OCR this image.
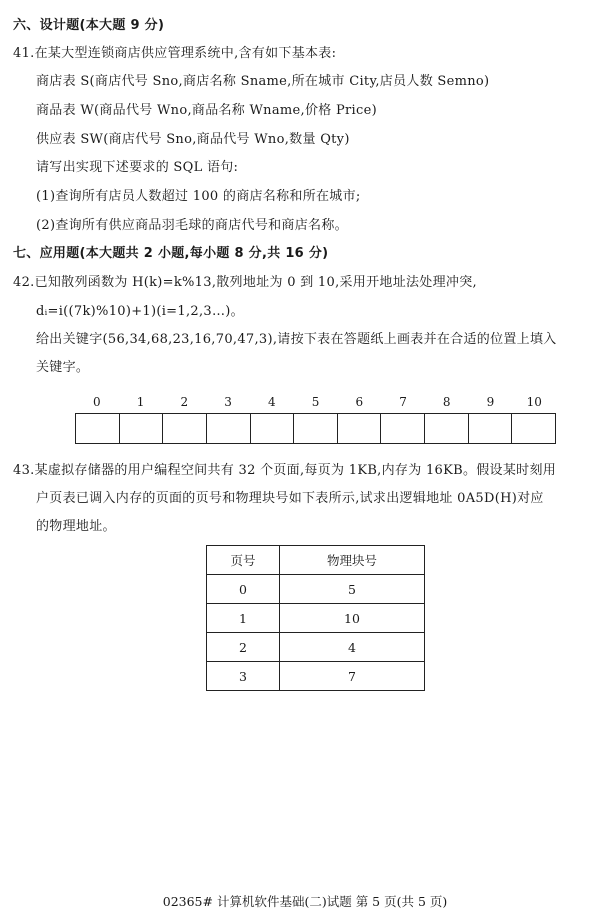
六、设计题(本大题 9 分)
41.在某大型连锁商店供应管理系统中,含有如下基本表:
商店表 S(商店代号 Sno,商店名称 Sname,所在城市 City,店员人数 Semno)
商品表 W(商品代号 Wno,商品名称 Wname,价格 Price)
供应表 SW(商店代号 Sno,商品代号 Wno,数量 Qty)
请写出实现下述要求的 SQL 语句:
(1)查询所有店员人数超过 100 的商店名称和所在城市;
(2)查询所有供应商品羽毛球的商店代号和商店名称。
七、应用题(本大题共 2 小题,每小题 8 分,共 16 分)
42.已知散列函数为 H(k)=k%13,散列地址为 0 到 10,采用开地址法处理冲突,
dᵢ=i((7k)%10)+1)(i=1,2,3…)。
给出关键字(56,34,68,23,16,70,47,3),请按下表在答题纸上画表并在合适的位置上填入
关键字。
0	1	2	3	4	5	6	7	8	9	10
43.某虚拟存储器的用户编程空间共有 32 个页面,每页为 1KB,内存为 16KB。假设某时刻用
户页表已调入内存的页面的页号和物理块号如下表所示,试求出逻辑地址 0A5D(H)对应
的物理地址。
页号	物理块号
0	5
1	10
2	4
3	7
02365# 计算机软件基础(二)试题 第 5 页(共 5 页)
